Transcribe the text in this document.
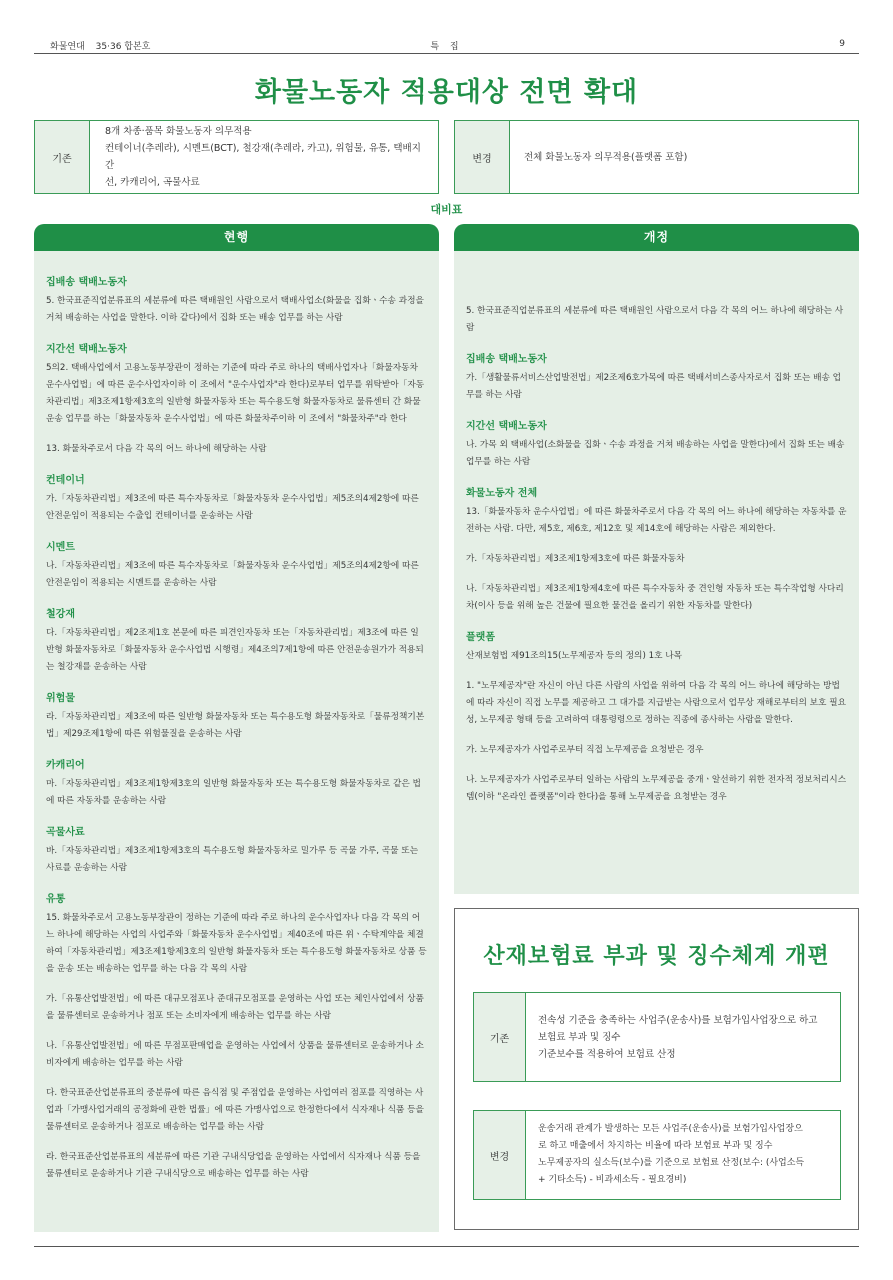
화물연대 35·36 합본호	특 집	9
화물노동자 적용대상 전면 확대
기존
8개 차종·품목 화물노동자 의무적용
컨테이너(추레라), 시멘트(BCT), 철강재(추레라, 카고), 위험물, 유통, 택배지간
선, 카캐리어, 곡물사료
변경	전체 화물노동자 의무적용(플랫폼 포함)
대비표
현행
집배송 택배노동자
5. 한국표준직업분류표의 세분류에 따른 택배원인 사람으로서 택배사업소(화물을 집화ㆍ수송 과정을 거쳐 배송하는 사업을 말한다. 이하 같다)에서 집화 또는 배송 업무를 하는 사람
지간선 택배노동자
5의2. 택배사업에서 고용노동부장관이 정하는 기준에 따라 주로 하나의 택배사업자나「화물자동차 운수사업법」에 따른 운수사업자이하 이 조에서 "운수사업자"라 한다)로부터 업무를 위탁받아「자동차관리법」제3조제1항제3호의 일반형 화물자동차 또는 특수용도형 화물자동차로 물류센터 간 화물 운송 업무를 하는「화물자동차 운수사업법」에 따른 화물차주이하 이 조에서 "화물차주"라 한다
13. 화물차주로서 다음 각 목의 어느 하나에 해당하는 사람
컨테이너
가.「자동차관리법」제3조에 따른 특수자동차로「화물자동차 운수사업법」제5조의4제2항에 따른 안전운임이 적용되는 수출입 컨테이너를 운송하는 사람
시멘트
나.「자동차관리법」제3조에 따른 특수자동차로「화물자동차 운수사업법」제5조의4제2항에 따른 안전운임이 적용되는 시멘트를 운송하는 사람
철강재
다.「자동차관리법」제2조제1호 본문에 따른 피견인자동차 또는「자동차관리법」제3조에 따른 일반형 화물자동차로「화물자동차 운수사업법 시행령」제4조의7제1항에 따른 안전운송원가가 적용되는 철강재를 운송하는 사람
위험물
라.「자동차관리법」제3조에 따른 일반형 화물자동차 또는 특수용도형 화물자동차로「물류정책기본법」제29조제1항에 따른 위험물질을 운송하는 사람
카캐리어
마.「자동차관리법」제3조제1항제3호의 일반형 화물자동차 또는 특수용도형 화물자동차로 같은 법에 따른 자동차를 운송하는 사람
곡물사료
바.「자동차관리법」제3조제1항제3호의 특수용도형 화물자동차로 밀가루 등 곡물 가루, 곡물 또는 사료를 운송하는 사람
유통
15. 화물차주로서 고용노동부장관이 정하는 기준에 따라 주로 하나의 운수사업자나 다음 각 목의 어느 하나에 해당하는 사업의 사업주와「화물자동차 운수사업법」제40조에 따른 위ㆍ수탁계약을 체결하여「자동차관리법」제3조제1항제3호의 일반형 화물자동차 또는 특수용도형 화물자동차로 상품 등을 운송 또는 배송하는 업무를 하는 다음 각 목의 사람
가.「유통산업발전법」에 따른 대규모점포나 준대규모점포를 운영하는 사업 또는 체인사업에서 상품을 물류센터로 운송하거나 점포 또는 소비자에게 배송하는 업무를 하는 사람
나.「유통산업발전법」에 따른 무점포판매업을 운영하는 사업에서 상품을 물류센터로 운송하거나 소비자에게 배송하는 업무를 하는 사람
다. 한국표준산업분류표의 중분류에 따른 음식점 및 주점업을 운영하는 사업여러 점포를 직영하는 사업과「가맹사업거래의 공정화에 관한 법률」에 따른 가맹사업으로 한정한다에서 식자재나 식품 등을 물류센터로 운송하거나 점포로 배송하는 업무를 하는 사람
라. 한국표준산업분류표의 세분류에 따른 기관 구내식당업을 운영하는 사업에서 식자재나 식품 등을 물류센터로 운송하거나 기관 구내식당으로 배송하는 업무를 하는 사람
개정
5. 한국표준직업분류표의 세분류에 따른 택배원인 사람으로서 다음 각 목의 어느 하나에 해당하는 사람
집배송 택배노동자
가.「생활물류서비스산업발전법」제2조제6호가목에 따른 택배서비스종사자로서 집화 또는 배송 업무를 하는 사람
지간선 택배노동자
나. 가목 외 택배사업(소화물을 집화ㆍ수송 과정을 거쳐 배송하는 사업을 말한다)에서 집화 또는 배송 업무를 하는 사람
화물노동자 전체
13.「화물자동차 운수사업법」에 따른 화물차주로서 다음 각 목의 어느 하나에 해당하는 자동차를 운전하는 사람. 다만, 제5호, 제6호, 제12호 및 제14호에 해당하는 사람은 제외한다.
가.「자동차관리법」제3조제1항제3호에 따른 화물자동차
나.「자동차관리법」제3조제1항제4호에 따른 특수자동차 중 견인형 자동차 또는 특수작업형 사다리차(이사 등을 위해 높은 건물에 필요한 물건을 올리기 위한 자동차를 말한다)
플랫폼
산재보험법 제91조의15(노무제공자 등의 정의) 1호 나목
1. "노무제공자"란 자신이 아닌 다른 사람의 사업을 위하여 다음 각 목의 어느 하나에 해당하는 방법에 따라 자신이 직접 노무를 제공하고 그 대가를 지급받는 사람으로서 업무상 재해로부터의 보호 필요성, 노무제공 형태 등을 고려하여 대통령령으로 정하는 직종에 종사하는 사람을 말한다.
가. 노무제공자가 사업주로부터 직접 노무제공을 요청받은 경우
나. 노무제공자가 사업주로부터 일하는 사람의 노무제공을 중개ㆍ알선하기 위한 전자적 정보처리시스템(이하 "온라인 플랫폼"이라 한다)을 통해 노무제공을 요청받는 경우
산재보험료 부과 및 징수체계 개편
기존
전속성 기준을 충족하는 사업주(운송사)를 보험가입사업장으로 하고
보험료 부과 및 징수
기준보수를 적용하여 보험료 산정
변경
운송거래 관계가 발생하는 모든 사업주(운송사)를 보험가입사업장으
로 하고 매출에서 차지하는 비율에 따라 보험료 부과 및 징수
노무제공자의 실소득(보수)를 기준으로 보험료 산정(보수: (사업소득
+ 기타소득) - 비과세소득 - 필요경비)
